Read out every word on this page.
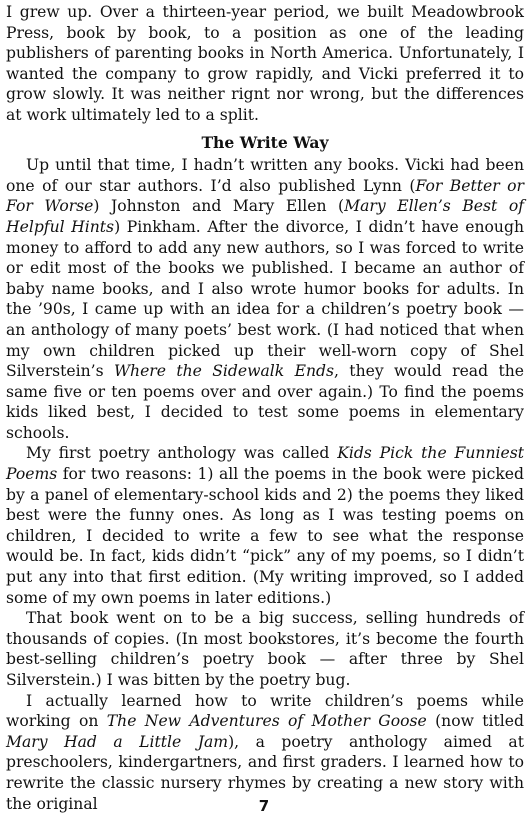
I grew up. Over a thirteen-year period, we built Meadowbrook Press, book by book, to a position as one of the leading publishers of parenting books in North America. Unfortunately, I wanted the company to grow rapidly, and Vicki preferred it to grow slowly. It was neither rignt nor wrong, but the differences at work ultimately led to a split.

The Write Way

Up until that time, I hadn’t written any books. Vicki had been one of our star authors. I’d also published Lynn (For Better or For Worse) Johnston and Mary Ellen (Mary Ellen’s Best of Helpful Hints) Pinkham. After the divorce, I didn’t have enough money to afford to add any new authors, so I was forced to write or edit most of the books we published. I became an author of baby name books, and I also wrote humor books for adults. In the ’90s, I came up with an idea for a children’s poetry book — an anthology of many poets’ best work. (I had noticed that when my own children picked up their well-worn copy of Shel Silverstein’s Where the Sidewalk Ends, they would read the same five or ten poems over and over again.) To find the poems kids liked best, I decided to test some poems in elementary schools.

My first poetry anthology was called Kids Pick the Funniest Poems for two reasons: 1) all the poems in the book were picked by a panel of elementary-school kids and 2) the poems they liked best were the funny ones. As long as I was testing poems on children, I decided to write a few to see what the response would be. In fact, kids didn’t “pick” any of my poems, so I didn’t put any into that first edition. (My writing improved, so I added some of my own poems in later editions.)

That book went on to be a big success, selling hundreds of thousands of copies. (In most bookstores, it’s become the fourth best-selling children’s poetry book — after three by Shel Silverstein.) I was bitten by the poetry bug.

I actually learned how to write children’s poems while working on The New Adventures of Mother Goose (now titled Mary Had a Little Jam), a poetry anthology aimed at preschoolers, kindergartners, and first graders. I learned how to rewrite the classic nursery rhymes by creating a new story with the original	7
